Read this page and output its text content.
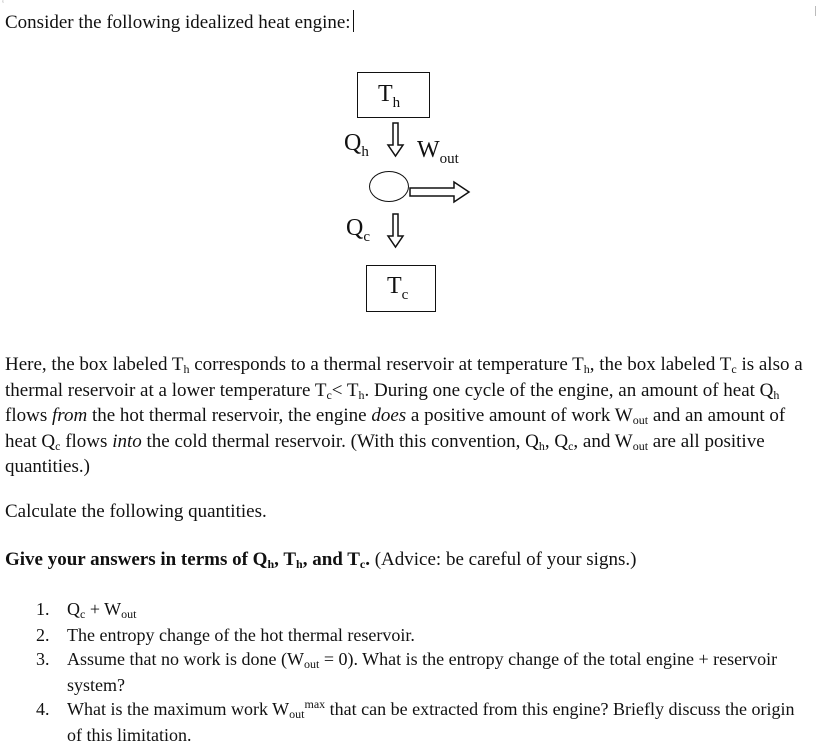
ˣ
Consider the following idealized heat engine:
$T_h$
$Q_h$ $W_{out}$
$Q_c$
$T_c$
Here, the box labeled Th corresponds to a thermal reservoir at temperature Th, the box labeled Tc is also a thermal reservoir at a lower temperature Tc< Th. During one cycle of the engine, an amount of heat Qh flows from the hot thermal reservoir, the engine does a positive amount of work Wout and an amount of heat Qc flows into the cold thermal reservoir. (With this convention, Qh, Qc, and Wout are all positive quantities.)
Calculate the following quantities.
Give your answers in terms of Qh, Th, and Tc. (Advice: be careful of your signs.)
1. Qc + Wout
2. The entropy change of the hot thermal reservoir.
3. Assume that no work is done (Wout = 0). What is the entropy change of the total engine + reservoir system?
4. What is the maximum work Wout$^{max}$ that can be extracted from this engine? Briefly discuss the origin of this limitation.
